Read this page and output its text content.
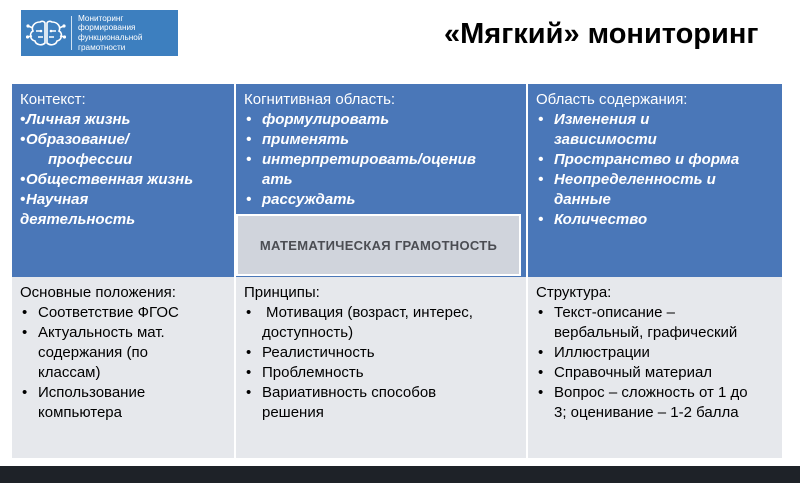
Мониторинг
формирования
функциональной
грамотности	«Мягкий» мониторинг
Контекст:
• Личная жизнь
• Образование/
профессии
• Общественная жизнь
• Научная
деятельность
Когнитивная область:
• формулировать
• применять
• интерпретировать/оценив
ать
• рассуждать
Область содержания:
• Изменения и
зависимости
• Пространство и форма
• Неопределенность и
данные
• Количество
Основные положения:
• Соответствие ФГОС
• Актуальность мат.
содержания (по
классам)
• Использование
компьютера
Принципы:
• Мотивация (возраст, интерес,
доступность)
• Реалистичность
• Проблемность
• Вариативность способов
решения
Структура:
• Текст-описание –
вербальный, графический
• Иллюстрации
• Справочный материал
• Вопрос – сложность от 1 до
3; оценивание – 1-2 балла
МАТЕМАТИЧЕСКАЯ ГРАМОТНОСТЬ
